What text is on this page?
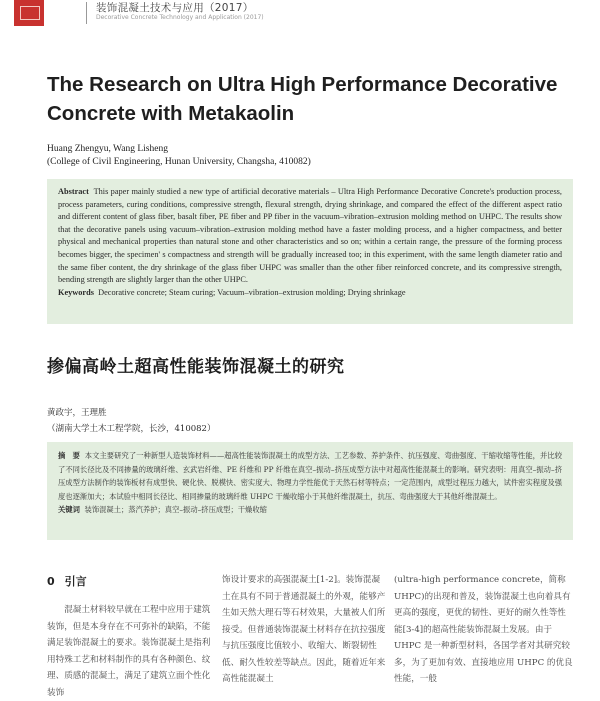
装饰混凝土技术与应用（2017）
Decorative Concrete Technology and Application (2017)
The Research on Ultra High Performance Decorative Concrete with Metakaolin
Huang Zhengyu, Wang Lisheng
(College of Civil Engineering, Hunan University, Changsha, 410082)

Abstract This paper mainly studied a new type of artificial decorative materials – Ultra High Performance Decorative Concrete's production process, process parameters, curing conditions, compressive strength, flexural strength, drying shrinkage, and compared the effect of the different aspect ratio and different content of glass fiber, basalt fiber, PE fiber and PP fiber in the vacuum–vibration–extrusion molding method on UHPC. The results show that the decorative panels using vacuum–vibration–extrusion molding method have a faster molding process, and a higher compactness, and better physical and mechanical properties than natural stone and other characteristics and so on; within a certain range, the pressure of the forming process becomes bigger, the specimen' s compactness and strength will be gradually increased too; in this experiment, with the same length diameter ratio and the same fiber content, the dry shrinkage of the glass fiber UHPC was smaller than the other fiber reinforced concrete, and its compressive strength, bending strength are slightly larger than the other UHPC.

Keywords Decorative concrete; Steam curing; Vacuum–vibration–extrusion molding; Drying shrinkage

掺偏高岭土超高性能装饰混凝土的研究
黄政宇，王理胜
（湖南大学土木工程学院，长沙，410082）

摘　要 本文主要研究了一种新型人造装饰材料——超高性能装饰混凝土的成型方法、工艺参数、养护条件、抗压强度、弯曲强度、干缩收缩等性能，并比较了不同长径比及不同掺量的玻璃纤维、玄武岩纤维、PE 纤维和 PP 纤维在真空–振动–挤压成型方法中对超高性能混凝土的影响。研究表明：用真空–振动–挤压成型方法制作的装饰板材有成型快、硬化快、脱模快、密实度大、物理力学性能优于天然石材等特点；一定范围内，成型过程压力越大，试件密实程度及强度也逐渐加大；本试验中相同长径比、相同掺量的玻璃纤维 UHPC 干燥收缩小于其他纤维混凝土，抗压、弯曲强度大于其他纤维混凝土。

关键词 装饰混凝土；蒸汽养护；真空–振动–挤压成型；干燥收缩

0 引言

混凝土材料较早就在工程中应用于建筑装饰，但是本身存在不可弥补的缺陷，不能满足装饰混凝土的要求。装饰混凝土是指利用特殊工艺和材料制作的具有各种颜色、纹理、质感的混凝土，满足了建筑立面个性化装饰

饰设计要求的高强混凝土[1-2]。装饰混凝土在具有不同于普通混凝土的外观，能够产生如天然大理石等石材效果，大量被人们所接受。但普通装饰混凝土材料存在抗拉强度与抗压强度比值较小、收缩大、断裂韧性低、耐久性较差等缺点。因此，随着近年来高性能混凝土

(ultra-high performance concrete，简称 UHPC)的出现和普及，装饰混凝土也向着具有更高的强度，更优的韧性、更好的耐久性等性能[3-4]的超高性能装饰混凝土发展。由于 UHPC 是一种新型材料，各国学者对其研究较多，为了更加有效、直接地应用 UHPC 的优良性能，一般
